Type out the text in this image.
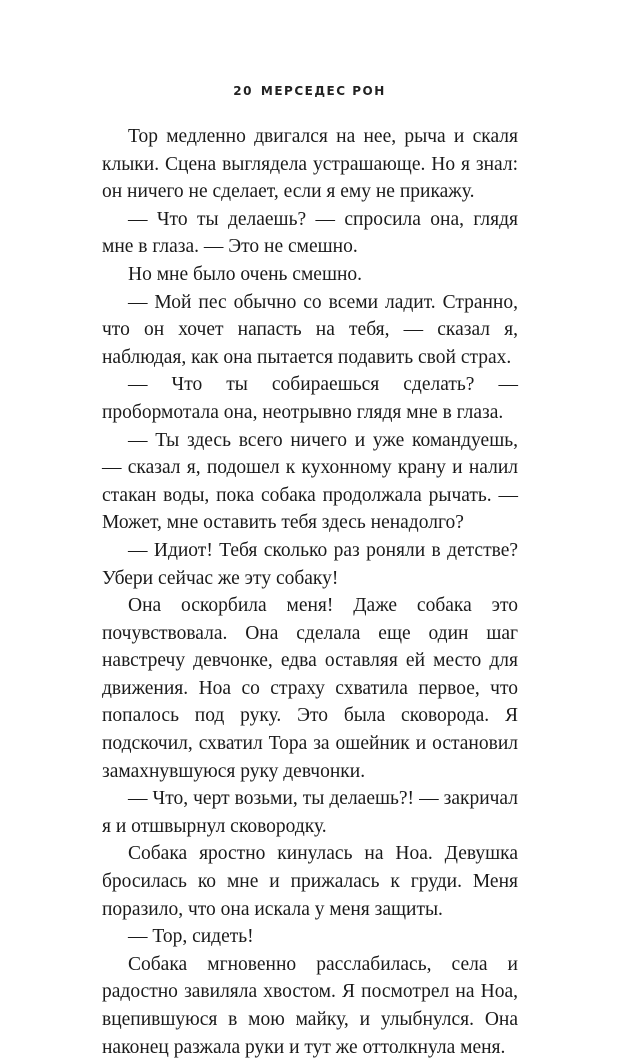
20 МЕРСЕДЕС РОН

Тор медленно двигался на нее, рыча и скаля клыки. Сцена выглядела устрашающе. Но я знал: он ничего не сделает, если я ему не прикажу.

— Что ты делаешь? — спросила она, глядя мне в глаза. — Это не смешно.

Но мне было очень смешно.

— Мой пес обычно со всеми ладит. Странно, что он хочет напасть на тебя, — сказал я, наблюдая, как она пытается подавить свой страх.

— Что ты собираешься сделать? — пробормотала она, неотрывно глядя мне в глаза.

— Ты здесь всего ничего и уже командуешь, — сказал я, подошел к кухонному крану и налил стакан воды, пока собака продолжала рычать. — Может, мне оставить тебя здесь ненадолго?

— Идиот! Тебя сколько раз роняли в детстве? Убери сейчас же эту собаку!

Она оскорбила меня! Даже собака это почувствовала. Она сделала еще один шаг навстречу девчонке, едва оставляя ей место для движения. Ноа со страху схватила первое, что попалось под руку. Это была сковорода. Я подскочил, схватил Тора за ошейник и остановил замахнувшуюся руку девчонки.

— Что, черт возьми, ты делаешь?! — закричал я и отшвырнул сковородку.

Собака яростно кинулась на Ноа. Девушка бросилась ко мне и прижалась к груди. Меня поразило, что она искала у меня защиты.

— Тор, сидеть!

Собака мгновенно расслабилась, села и радостно завиляла хвостом. Я посмотрел на Ноа, вцепившуюся в мою майку, и улыбнулся. Она наконец разжала руки и тут же оттолкнула меня.
